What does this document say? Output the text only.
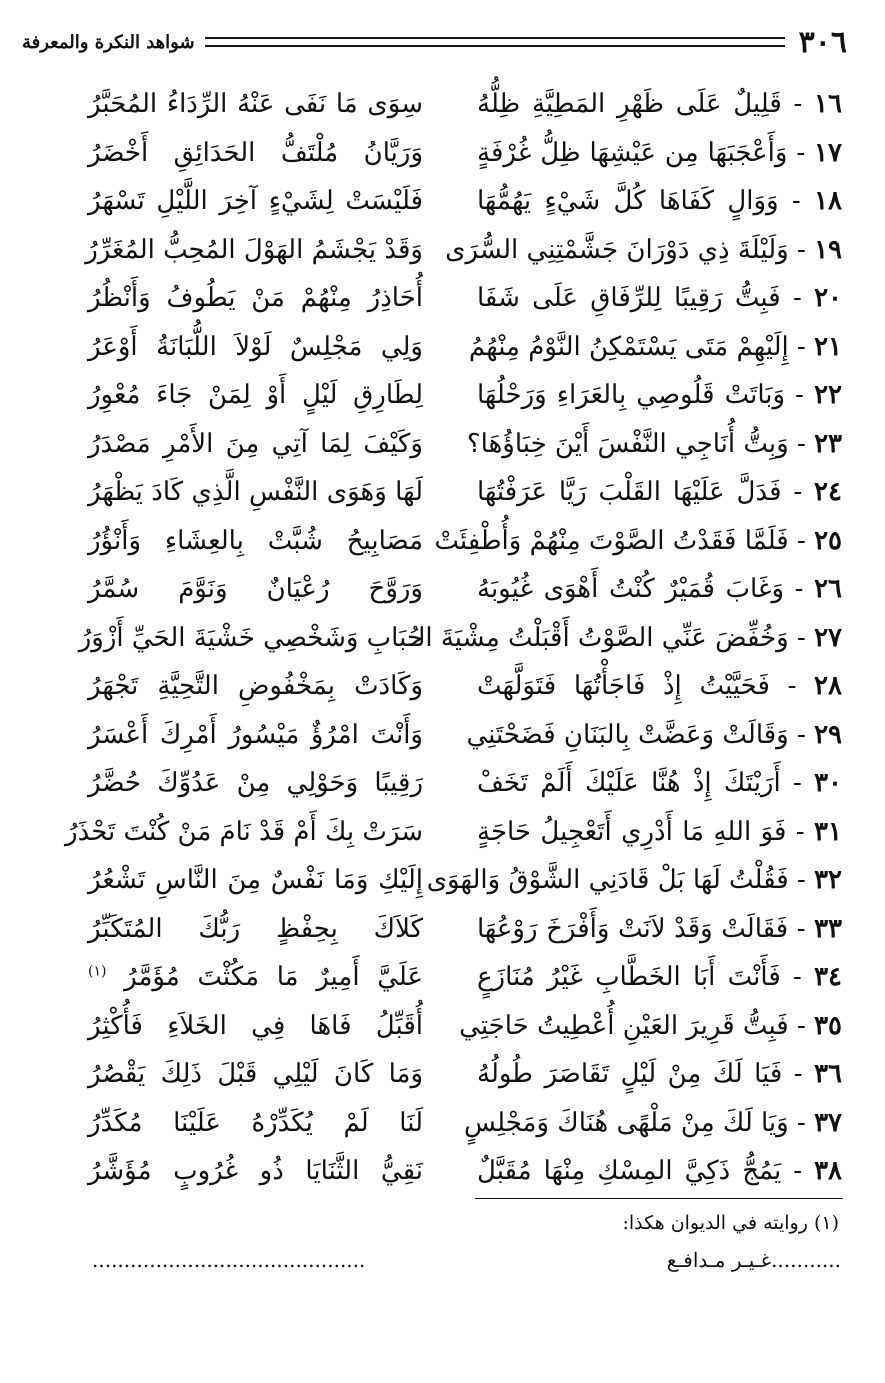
٣٠٦
شواهد النكرة والمعرفة
١٦ - قَلِيلٌ عَلَى ظَهْرِ المَطِيَّةِ ظِلُّهُ
سِوَى مَا نَفَى عَنْهُ الرِّدَاءُ المُحَبَّرُ
١٧ - وَأَعْجَبَهَا مِن عَيْشِهَا ظِلُّ غُرْفَةٍ
وَرَيَّانُ مُلْتَفُّ الحَدَائِقِ أَخْضَرُ
١٨ - وَوَالٍ كَفَاهَا كُلَّ شَيْءٍ يَهُمُّهَا
فَلَيْسَتْ لِشَيْءٍ آخِرَ اللَّيْلِ تَسْهَرُ
١٩ - وَلَيْلَةَ ذِي دَوْرَانَ جَشَّمْتِنِي السُّرَى
وَقَدْ يَجْشَمُ الهَوْلَ المُحِبُّ المُغَرِّرُ
٢٠ - فَبِتُّ رَقِيبًا لِلرِّفَاقِ عَلَى شَفَا
أُحَاذِرُ مِنْهُمْ مَنْ يَطُوفُ وَأَنْظُرُ
٢١ - إِلَيْهِمْ مَتَى يَسْتَمْكِنُ النَّوْمُ مِنْهُمُ
وَلِي مَجْلِسٌ لَوْلاَ اللُّبَانَةُ أَوْعَرُ
٢٢ - وَبَاتَتْ قَلُوصِي بِالعَرَاءِ وَرَحْلُهَا
لِطَارِقِ لَيْلٍ أَوْ لِمَنْ جَاءَ مُعْوِرُ
٢٣ - وَبِتُّ أُنَاجِي النَّفْسَ أَيْنَ خِبَاؤُهَا؟
وَكَيْفَ لِمَا آتِي مِنَ الأَمْرِ مَصْدَرُ
٢٤ - فَدَلَّ عَلَيْهَا القَلْبَ رَيَّا عَرَفْتُهَا
لَهَا وَهَوَى النَّفْسِ الَّذِي كَادَ يَظْهَرُ
٢٥ - فَلَمَّا فَقَدْتُ الصَّوْتَ مِنْهُمْ وَأُطْفِئَتْ
مَصَابِيحُ شُبَّتْ بِالعِشَاءِ وَأَنْؤُرُ
٢٦ - وَغَابَ قُمَيْرٌ كُنْتُ أَهْوَى غُيُوبَهُ
وَرَوَّحَ رُعْيَانٌ وَنَوَّمَ سُمَّرُ
٢٧ - وَخُفِّضَ عَنِّي الصَّوْتُ أَقْبَلْتُ مِشْيَةَ الـ
حُبَابِ وَشَخْصِي خَشْيَةَ الحَيِّ أَزْوَرُ
٢٨ - فَحَيَّيْتُ إِذْ فَاجَأْتُهَا فَتَوَلَّهَتْ
وَكَادَتْ بِمَخْفُوضِ التَّحِيَّةِ تَجْهَرُ
٢٩ - وَقَالَتْ وَعَضَّتْ بِالبَنَانِ فَضَحْتَنِي
وَأَنْتَ امْرُؤٌ مَيْسُورُ أَمْرِكَ أَعْسَرُ
٣٠ - أَرَيْتَكَ إِذْ هُنَّا عَلَيْكَ أَلَمْ تَخَفْ
رَقِيبًا وَحَوْلِي مِنْ عَدُوِّكَ حُضَّرُ
٣١ - فَوَ اللهِ مَا أَدْرِي أَتَعْجِيلُ حَاجَةٍ
سَرَتْ بِكَ أَمْ قَدْ نَامَ مَنْ كُنْتَ تَحْذَرُ
٣٢ - فَقُلْتُ لَهَا بَلْ قَادَنِي الشَّوْقُ وَالهَوَى
إِلَيْكِ وَمَا نَفْسٌ مِنَ النَّاسِ تَشْعُرُ
٣٣ - فَقَالَتْ وَقَدْ لاَنَتْ وَأَفْرَخَ رَوْعُهَا
كَلاَكَ بِحِفْظٍ رَبُّكَ المُتَكَبِّرُ
٣٤ - فَأَنْتَ أَبَا الخَطَّابِ غَيْرُ مُنَازَعٍ
عَلَيَّ أَمِيرٌ مَا مَكُثْتَ مُؤَمَّرُ $^{(١)}$
٣٥ - فَبِتُّ قَرِيرَ العَيْنِ أُعْطِيتُ حَاجَتِي
أُقَبِّلُ فَاهَا فِي الخَلاَءِ فَأُكْثِرُ
٣٦ - فَيَا لَكَ مِنْ لَيْلٍ تَقَاصَرَ طُولُهُ
وَمَا كَانَ لَيْلِي قَبْلَ ذَلِكَ يَقْصُرُ
٣٧ - وَيَا لَكَ مِنْ مَلْهًى هُنَاكَ وَمَجْلِسٍ
لَنَا لَمْ يُكَدِّرْهُ عَلَيْنَا مُكَدِّرُ
٣٨ - يَمُجُّ ذَكِيَّ المِسْكِ مِنْهَا مُقَبَّلٌ
نَقِيُّ الثَّنَايَا ذُو غُرُوبٍ مُؤَشَّرُ
(١) روايته في الديوان هكذا:
...........غـيـر مـدافـع
...........................................
